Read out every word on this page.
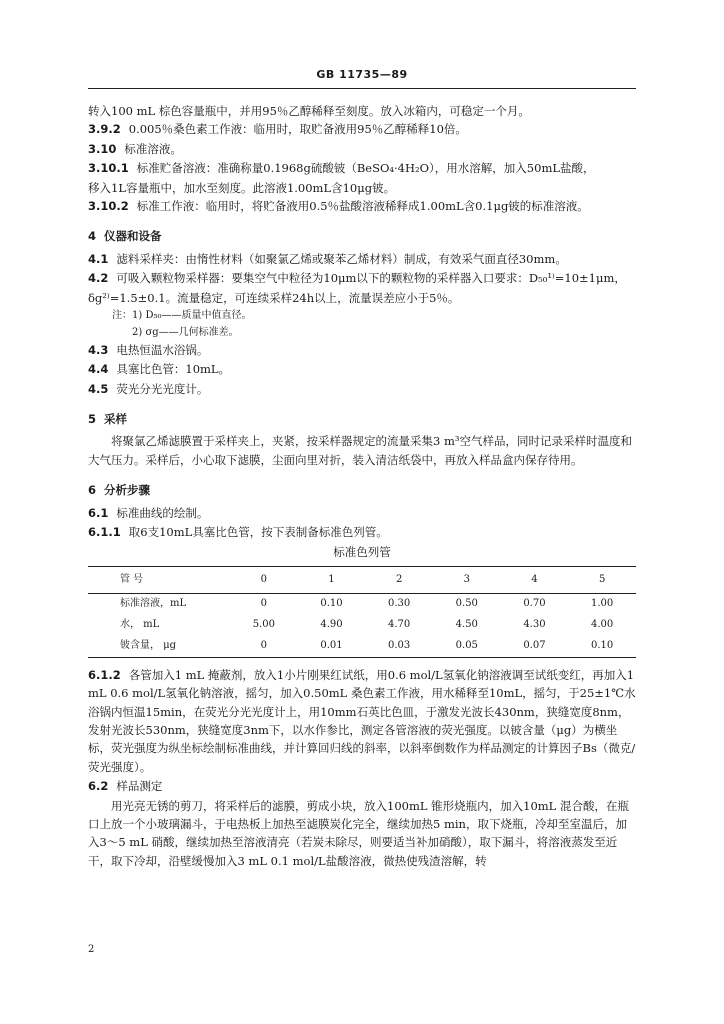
GB 11735—89

转入100 mL 棕色容量瓶中，并用95％乙醇稀释至刻度。放入冰箱内，可稳定一个月。

3.9.2 0.005％桑色素工作液：临用时，取贮备液用95％乙醇稀释10倍。

3.10 标准溶液。

3.10.1 标准贮备溶液：准确称量0.1968g硫酸铍（BeSO₄·4H₂O），用水溶解，加入50mL盐酸，

移入1L容量瓶中，加水至刻度。此溶液1.00mL含10μg铍。

3.10.2 标准工作液：临用时，将贮备液用0.5％盐酸溶液稀释成1.00mL含0.1μg铍的标准溶液。

4 仪器和设备

4.1 滤料采样夹：由惰性材料（如聚氯乙烯或聚苯乙烯材料）制成，有效采气面直径30mm。

4.2 可吸入颗粒物采样器：要集空气中粒径为10μm以下的颗粒物的采样器入口要求：D₅₀¹⁾=10±1μm，

δg²⁾=1.5±0.1。流量稳定，可连续采样24h以上，流量误差应小于5％。

注：1) D₅₀——质量中值直径。

2) σg——几何标准差。

4.3 电热恒温水浴锅。

4.4 具塞比色管：10mL。

4.5 荧光分光光度计。

5 采样

将聚氯乙烯滤膜置于采样夹上，夹紧，按采样器规定的流量采集3 m³空气样品，同时记录采样时温度和大气压力。采样后，小心取下滤膜，尘面向里对折，装入清洁纸袋中，再放入样品盒内保存待用。

6 分析步骤

6.1 标准曲线的绘制。

6.1.1 取6支10mL具塞比色管，按下表制备标准色列管。

标准色列管
管 号	0	1	2	3	4	5
标准溶液，mL	0	0.10	0.30	0.50	0.70	1.00
水， mL	5.00	4.90	4.70	4.50	4.30	4.00
铍含量， μg	0	0.01	0.03	0.05	0.07	0.10

6.1.2 各管加入1 mL 掩蔽剂，放入1小片刚果红试纸，用0.6 mol/L氢氧化钠溶液调至试纸变红，再加入1 mL 0.6 mol/L氢氧化钠溶液，摇匀，加入0.50mL 桑色素工作液，用水稀释至10mL，摇匀，于25±1℃水浴锅内恒温15min，在荧光分光光度计上，用10mm石英比色皿，于激发光波长430nm，狭缝宽度8nm，发射光波长530nm，狭缝宽度3nm下，以水作参比，测定各管溶液的荧光强度。以铍含量（μg）为横坐标，荧光强度为纵坐标绘制标准曲线，并计算回归线的斜率，以斜率倒数作为样品测定的计算因子Bs（微克/荧光强度）。

6.2 样品测定

用光亮无锈的剪刀，将采样后的滤膜，剪成小块，放入100mL 锥形烧瓶内，加入10mL 混合酸，在瓶口上放一个小玻璃漏斗，于电热板上加热至滤膜炭化完全，继续加热5 min，取下烧瓶，冷却至室温后，加入3～5 mL 硝酸，继续加热至溶液清亮（若炭未除尽，则要适当补加硝酸），取下漏斗，将溶液蒸发至近干，取下冷却，沿壁缓慢加入3 mL 0.1 mol/L盐酸溶液，微热使残渣溶解，转

2
